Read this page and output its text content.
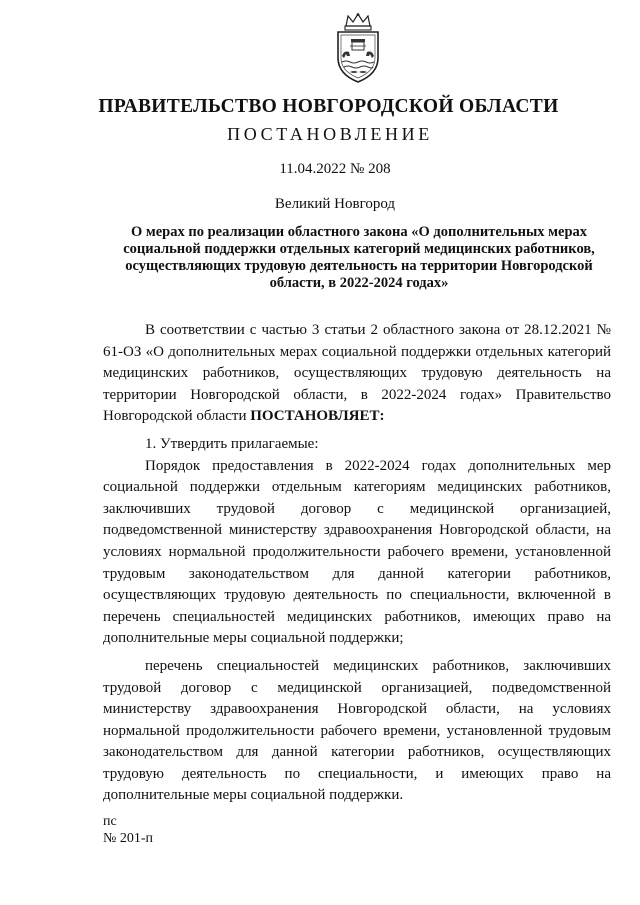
ПРАВИТЕЛЬСТВО НОВГОРОДСКОЙ ОБЛАСТИ
ПОСТАНОВЛЕНИЕ
11.04.2022 № 208
Великий Новгород
О мерах по реализации областного закона «О дополнительных мерах социальной поддержки отдельных категорий медицинских работников, осуществляющих трудовую деятельность на территории Новгородской области, в 2022-2024 годах»

В соответствии с частью 3 статьи 2 областного закона от 28.12.2021 № 61-ОЗ «О дополнительных мерах социальной поддержки отдельных категорий медицинских работников, осуществляющих трудовую деятельность на территории Новгородской области, в 2022-2024 годах» Правительство Новгородской области ПОСТАНОВЛЯЕТ:

1. Утвердить прилагаемые:

Порядок предоставления в 2022-2024 годах дополнительных мер социальной поддержки отдельным категориям медицинских работников, заключивших трудовой договор с медицинской организацией, подведомственной министерству здравоохранения Новгородской области, на условиях нормальной продолжительности рабочего времени, установленной трудовым законодательством для данной категории работников, осуществляющих трудовую деятельность по специальности, включенной в перечень специальностей медицинских работников, имеющих право на дополнительные меры социальной поддержки;

перечень специальностей медицинских работников, заключивших трудовой договор с медицинской организацией, подведомственной министерству здравоохранения Новгородской области, на условиях нормальной продолжительности рабочего времени, установленной трудовым законодательством для данной категории работников, осуществляющих трудовую деятельность по специальности, и имеющих право на дополнительные меры социальной поддержки.

пс
№ 201-п
